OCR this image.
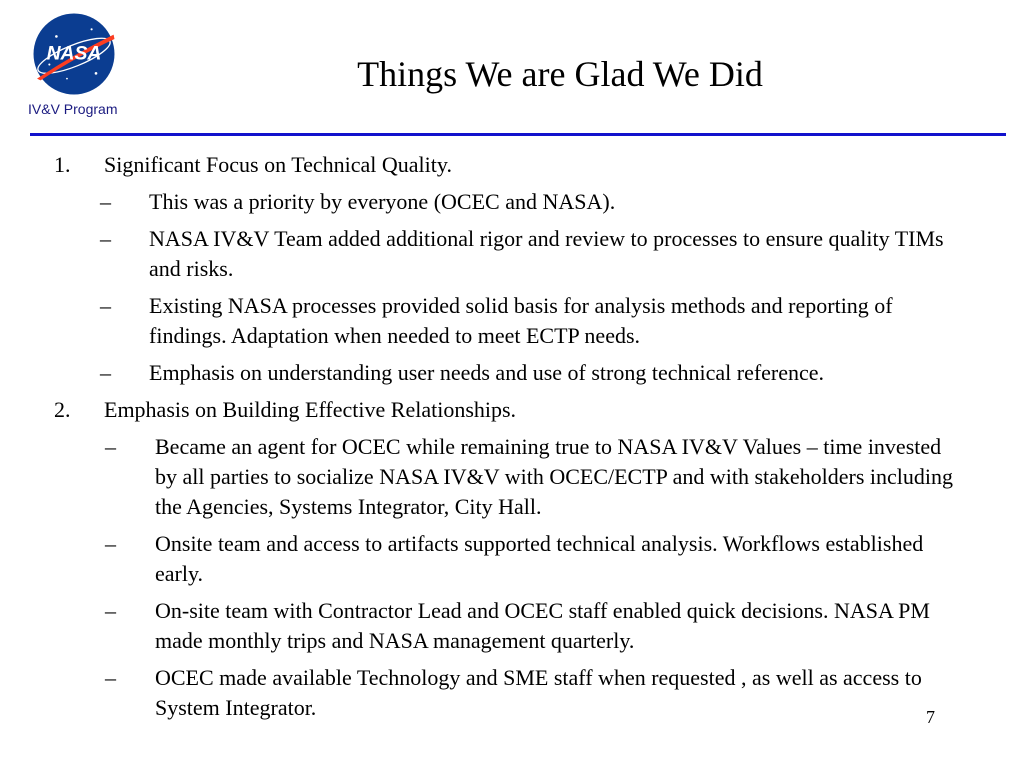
NASA
IV&V Program
Things We are Glad We Did
1. Significant Focus on Technical Quality.
– This was a priority by everyone (OCEC and NASA).
– NASA IV&V Team added additional rigor and review to processes to ensure quality TIMs and risks.
– Existing NASA processes provided solid basis for analysis methods and reporting of findings. Adaptation when needed to meet ECTP needs.
– Emphasis on understanding user needs and use of strong technical reference.
2. Emphasis on Building Effective Relationships.
– Became an agent for OCEC while remaining true to NASA IV&V Values – time invested by all parties to socialize NASA IV&V with OCEC/ECTP and with stakeholders including the Agencies, Systems Integrator, City Hall.
– Onsite team and access to artifacts supported technical analysis. Workflows established early.
– On-site team with Contractor Lead and OCEC staff enabled quick decisions. NASA PM made monthly trips and NASA management quarterly.
– OCEC made available Technology and SME staff when requested , as well as access to System Integrator.	7
